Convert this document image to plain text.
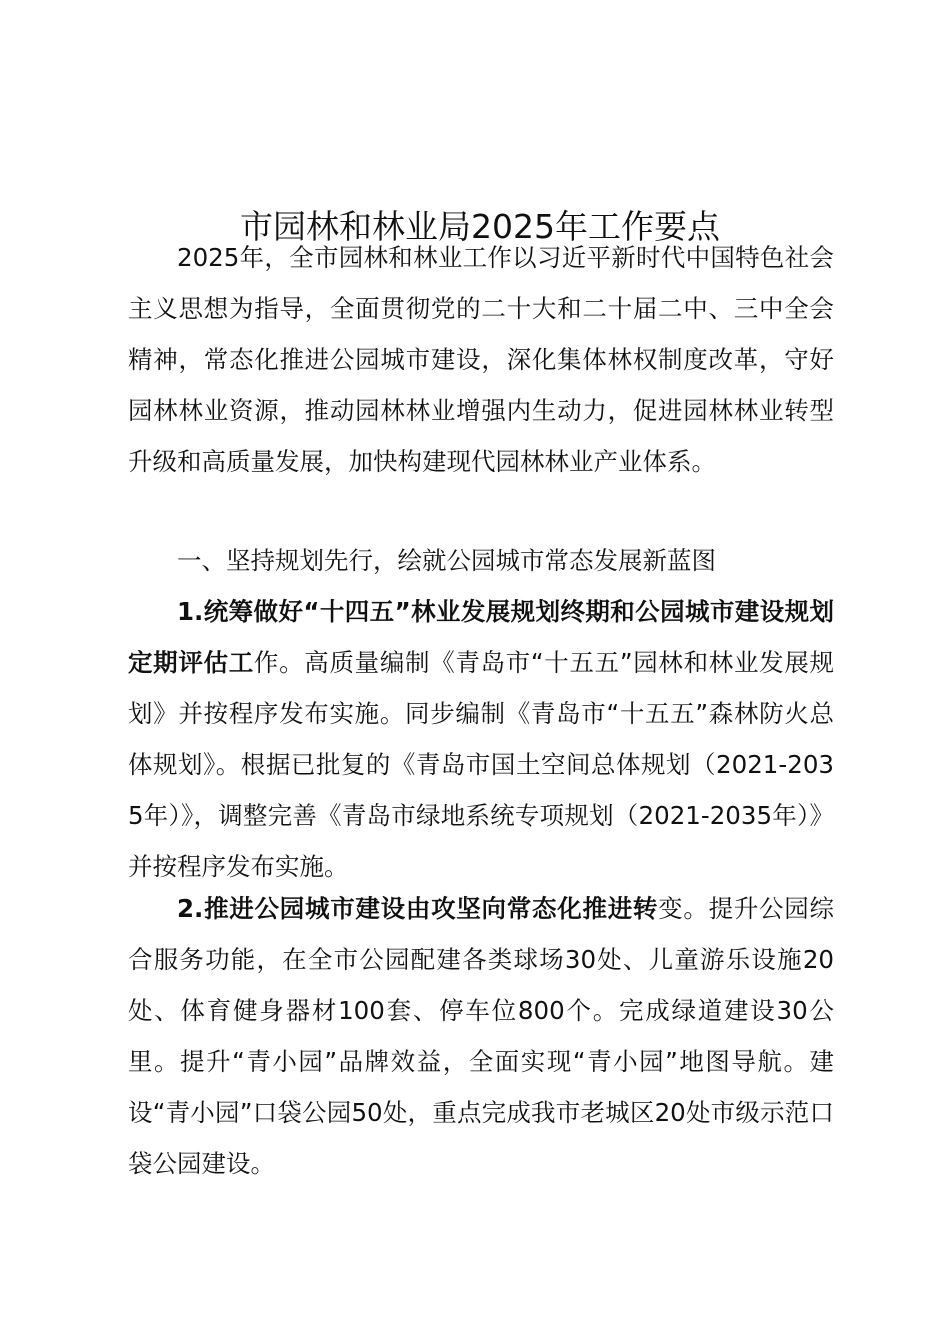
市园林和林业局2025年工作要点

2025年，全市园林和林业工作以习近平新时代中国特色社会主义思想为指导，全面贯彻党的二十大和二十届二中、三中全会精神，常态化推进公园城市建设，深化集体林权制度改革，守好园林林业资源，推动园林林业增强内生动力，促进园林林业转型升级和高质量发展，加快构建现代园林林业产业体系。

一、坚持规划先行，绘就公园城市常态发展新蓝图

1.统筹做好“十四五”林业发展规划终期和公园城市建设规划定期评估工作。高质量编制《青岛市“十五五”园林和林业发展规划》并按程序发布实施。同步编制《青岛市“十五五”森林防火总体规划》。根据已批复的《青岛市国土空间总体规划（2021-2035年）》，调整完善《青岛市绿地系统专项规划（2021-2035年）》并按程序发布实施。

2.推进公园城市建设由攻坚向常态化推进转变。提升公园综合服务功能，在全市公园配建各类球场30处、儿童游乐设施20处、体育健身器材100套、停车位800个。完成绿道建设30公里。提升“青小园”品牌效益，全面实现“青小园”地图导航。建设“青小园”口袋公园50处，重点完成我市老城区20处市级示范口袋公园建设。
